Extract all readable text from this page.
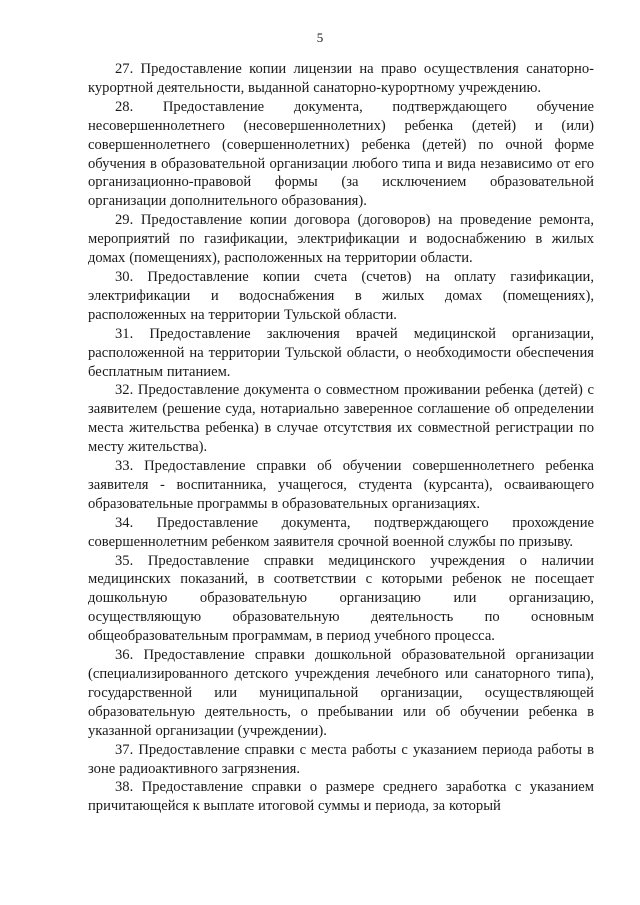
5

27. Предоставление копии лицензии на право осуществления санаторно-курортной деятельности, выданной санаторно-курортному учреждению.

28. Предоставление документа, подтверждающего обучение несовершеннолетнего (несовершеннолетних) ребенка (детей) и (или) совершеннолетнего (совершеннолетних) ребенка (детей) по очной форме обучения в образовательной организации любого типа и вида независимо от его организационно-правовой формы (за исключением образовательной организации дополнительного образования).

29. Предоставление копии договора (договоров) на проведение ремонта, мероприятий по газификации, электрификации и водоснабжению в жилых домах (помещениях), расположенных на территории области.

30. Предоставление копии счета (счетов) на оплату газификации, электрификации и водоснабжения в жилых домах (помещениях), расположенных на территории Тульской области.

31. Предоставление заключения врачей медицинской организации, расположенной на территории Тульской области, о необходимости обеспечения бесплатным питанием.

32. Предоставление документа о совместном проживании ребенка (детей) с заявителем (решение суда, нотариально заверенное соглашение об определении места жительства ребенка) в случае отсутствия их совместной регистрации по месту жительства).

33. Предоставление справки об обучении совершеннолетнего ребенка заявителя - воспитанника, учащегося, студента (курсанта), осваивающего образовательные программы в образовательных организациях.

34. Предоставление документа, подтверждающего прохождение совершеннолетним ребенком заявителя срочной военной службы по призыву.

35. Предоставление справки медицинского учреждения о наличии медицинских показаний, в соответствии с которыми ребенок не посещает дошкольную образовательную организацию или организацию, осуществляющую образовательную деятельность по основным общеобразовательным программам, в период учебного процесса.

36. Предоставление справки дошкольной образовательной организации (специализированного детского учреждения лечебного или санаторного типа), государственной или муниципальной организации, осуществляющей образовательную деятельность, о пребывании или об обучении ребенка в указанной организации (учреждении).

37. Предоставление справки с места работы с указанием периода работы в зоне радиоактивного загрязнения.

38. Предоставление справки о размере среднего заработка с указанием причитающейся к выплате итоговой суммы и периода, за который
